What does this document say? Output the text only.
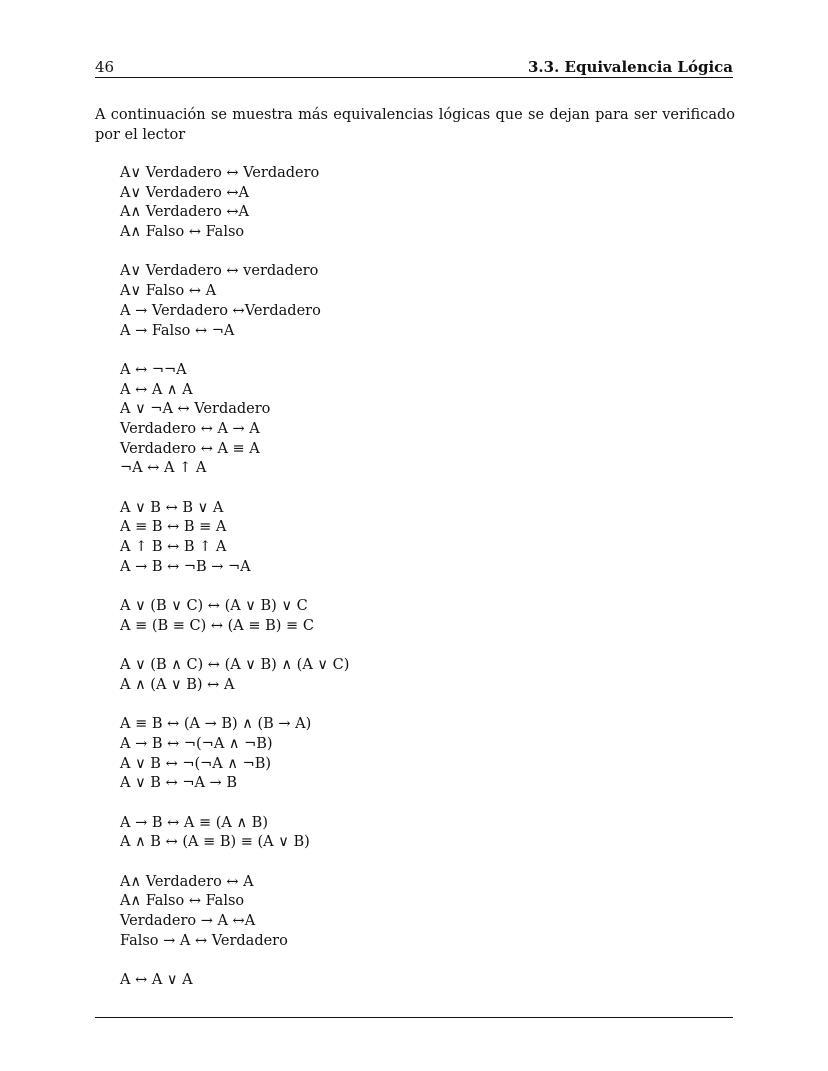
46	3.3. Equivalencia Lógica
A continuación se muestra más equivalencias lógicas que se dejan para ser verificado por el lector
A∨ Verdadero ↔ Verdadero
A∨ Verdadero ↔A
A∧ Verdadero ↔A
A∧ Falso ↔ Falso
A∨ Verdadero ↔ verdadero
A∨ Falso ↔ A
A → Verdadero ↔Verdadero
A → Falso ↔ ¬A
A ↔ ¬¬A
A ↔ A ∧ A
A ∨ ¬A ↔ Verdadero
Verdadero ↔ A → A
Verdadero ↔ A ≡ A
¬A ↔ A ↑ A
A ∨ B ↔ B ∨ A
A ≡ B ↔ B ≡ A
A ↑ B ↔ B ↑ A
A → B ↔ ¬B → ¬A
A ∨ (B ∨ C) ↔ (A ∨ B) ∨ C
A ≡ (B ≡ C) ↔ (A ≡ B) ≡ C
A ∨ (B ∧ C) ↔ (A ∨ B) ∧ (A ∨ C)
A ∧ (A ∨ B) ↔ A
A ≡ B ↔ (A → B) ∧ (B → A)
A → B ↔ ¬(¬A ∧ ¬B)
A ∨ B ↔ ¬(¬A ∧ ¬B)
A ∨ B ↔ ¬A → B
A → B ↔ A ≡ (A ∧ B)
A ∧ B ↔ (A ≡ B) ≡ (A ∨ B)
A∧ Verdadero ↔ A
A∧ Falso ↔ Falso
Verdadero → A ↔A
Falso → A ↔ Verdadero
A ↔ A ∨ A
